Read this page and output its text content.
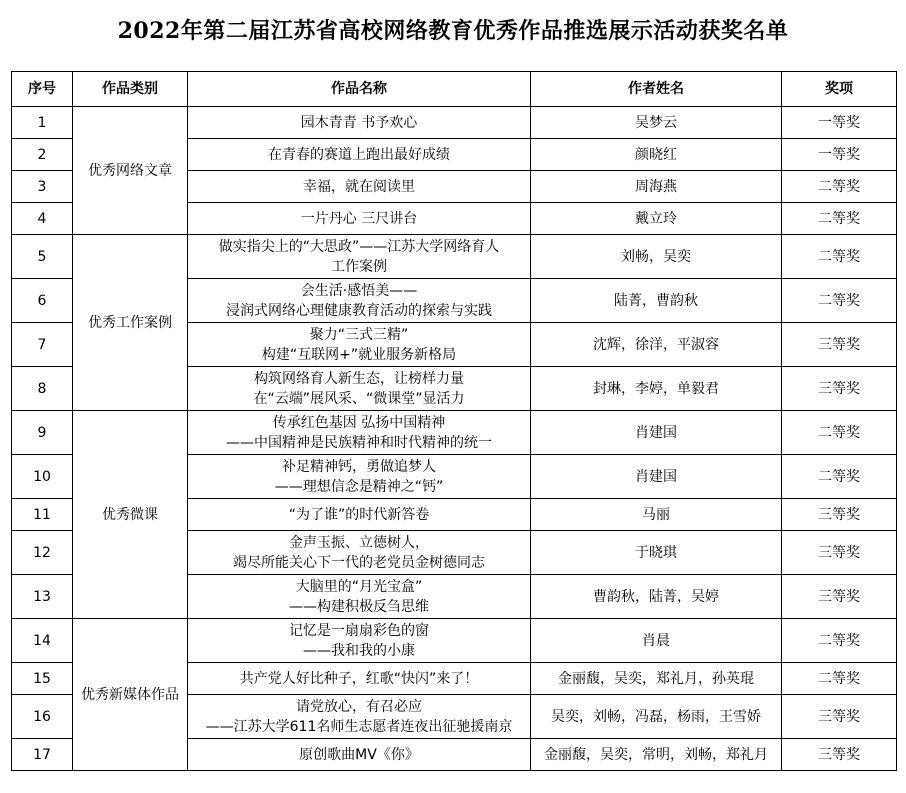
2022年第二届江苏省高校网络教育优秀作品推选展示活动获奖名单
序号	作品类别	作品名称	作者姓名	奖项
1	优秀网络文章	园木青青 书予欢心	吴梦云	一等奖
2		在青春的赛道上跑出最好成绩	颜晓红	一等奖
3		幸福，就在阅读里	周海燕	二等奖
4		一片丹心 三尺讲台	戴立玲	二等奖
5	优秀工作案例	做实指尖上的“大思政”——江苏大学网络育人
工作案例	刘畅，吴奕	二等奖
6		会生活·感悟美——
浸润式网络心理健康教育活动的探索与实践	陆菁，曹韵秋	二等奖
7		聚力“三式三精”
构建“互联网+”就业服务新格局	沈辉，徐洋，平淑容	三等奖
8		构筑网络育人新生态，让榜样力量
在“云端”展风采、“微课堂”显活力	封琳，李婷，单毅君	三等奖
9	优秀微课	传承红色基因 弘扬中国精神
——中国精神是民族精神和时代精神的统一	肖建国	二等奖
10		补足精神钙，勇做追梦人
——理想信念是精神之“钙”	肖建国	二等奖
11		“为了谁”的时代新答卷	马丽	三等奖
12		金声玉振、立德树人，
竭尽所能关心下一代的老党员金树德同志	于晓琪	三等奖
13		大脑里的“月光宝盒”
——构建积极反刍思维	曹韵秋，陆菁，吴婷	三等奖
14	优秀新媒体作品	记忆是一扇扇彩色的窗
——我和我的小康	肖晨	二等奖
15		共产党人好比种子，红歌“快闪”来了！	金丽馥，吴奕，郑礼月，孙英琨	二等奖
16		请党放心，有召必应
——江苏大学611名师生志愿者连夜出征驰援南京	吴奕，刘畅，冯磊，杨雨，王雪娇	三等奖
17		原创歌曲MV《你》	金丽馥，吴奕，常明，刘畅，郑礼月	三等奖
